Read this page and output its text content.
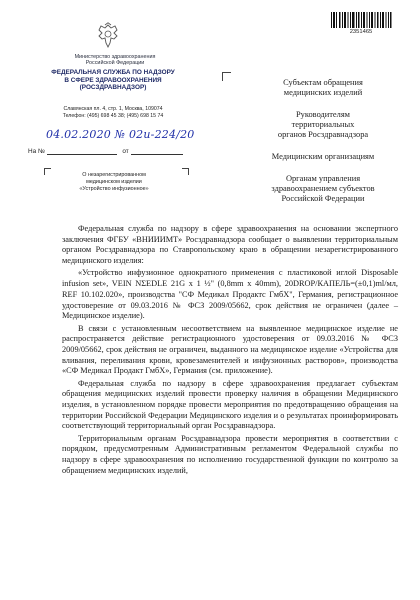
Министерство здравоохранения
Российской Федерации
ФЕДЕРАЛЬНАЯ СЛУЖБА ПО НАДЗОРУ
В СФЕРЕ ЗДРАВООХРАНЕНИЯ
(РОСЗДРАВНАДЗОР)
Славянская пл. 4, стр. 1, Москва, 109074
Телефон: (495) 698 45 38; (495) 698 15 74
04.02.2020 № 02и-224/20
На №	от
О незарегистрированном
медицинском изделии
«Устройство инфузионное»
2351465
Субъектам обращения
медицинских изделий
Руководителям
территориальных
органов Росздравнадзора
Медицинским организациям
Органам управления
здравоохранением субъектов
Российской Федерации

Федеральная служба по надзору в сфере здравоохранения на основании экспертного заключения ФГБУ «ВНИИИМТ» Росздравнадзора сообщает о выявлении территориальным органом Росздравнадзора по Ставропольскому краю в обращении незарегистрированного медицинского изделия:

«Устройство инфузионное однократного применения с пластиковой иглой Disposable infusion set», VEIN NƩEDLE 21G x 1 ½" (0,8mm x 40mm), 20DROP/КАПЕЛЬ=(±0,1)ml/мл, REF 10.102.020», производства "СФ Медикал Продактс ГмбХ", Германия, регистрационное удостоверение от 09.03.2016 № ФСЗ 2009/05662, срок действия не ограничен (далее – Медицинское изделие).

В связи с установленным несоответствием на выявленное медицинское изделие не распространяется действие регистрационного удостоверения от 09.03.2016 № ФСЗ 2009/05662, срок действия не ограничен, выданного на медицинское изделие «Устройства для вливания, переливания крови, кровезаменителей и инфузионных растворов», производства «СФ Медикал Продакт ГмбХ», Германия (см. приложение).

Федеральная служба по надзору в сфере здравоохранения предлагает субъектам обращения медицинских изделий провести проверку наличия в обращении Медицинского изделия, в установленном порядке провести мероприятия по предотвращению обращения на территории Российской Федерации Медицинского изделия и о результатах проинформировать соответствующий территориальный орган Росздравнадзора.

Территориальным органам Росздравнадзора провести мероприятия в соответствии с порядком, предусмотренным Административным регламентом Федеральной службы по надзору в сфере здравоохранения по исполнению государственной функции по контролю за обращением медицинских изделий,
